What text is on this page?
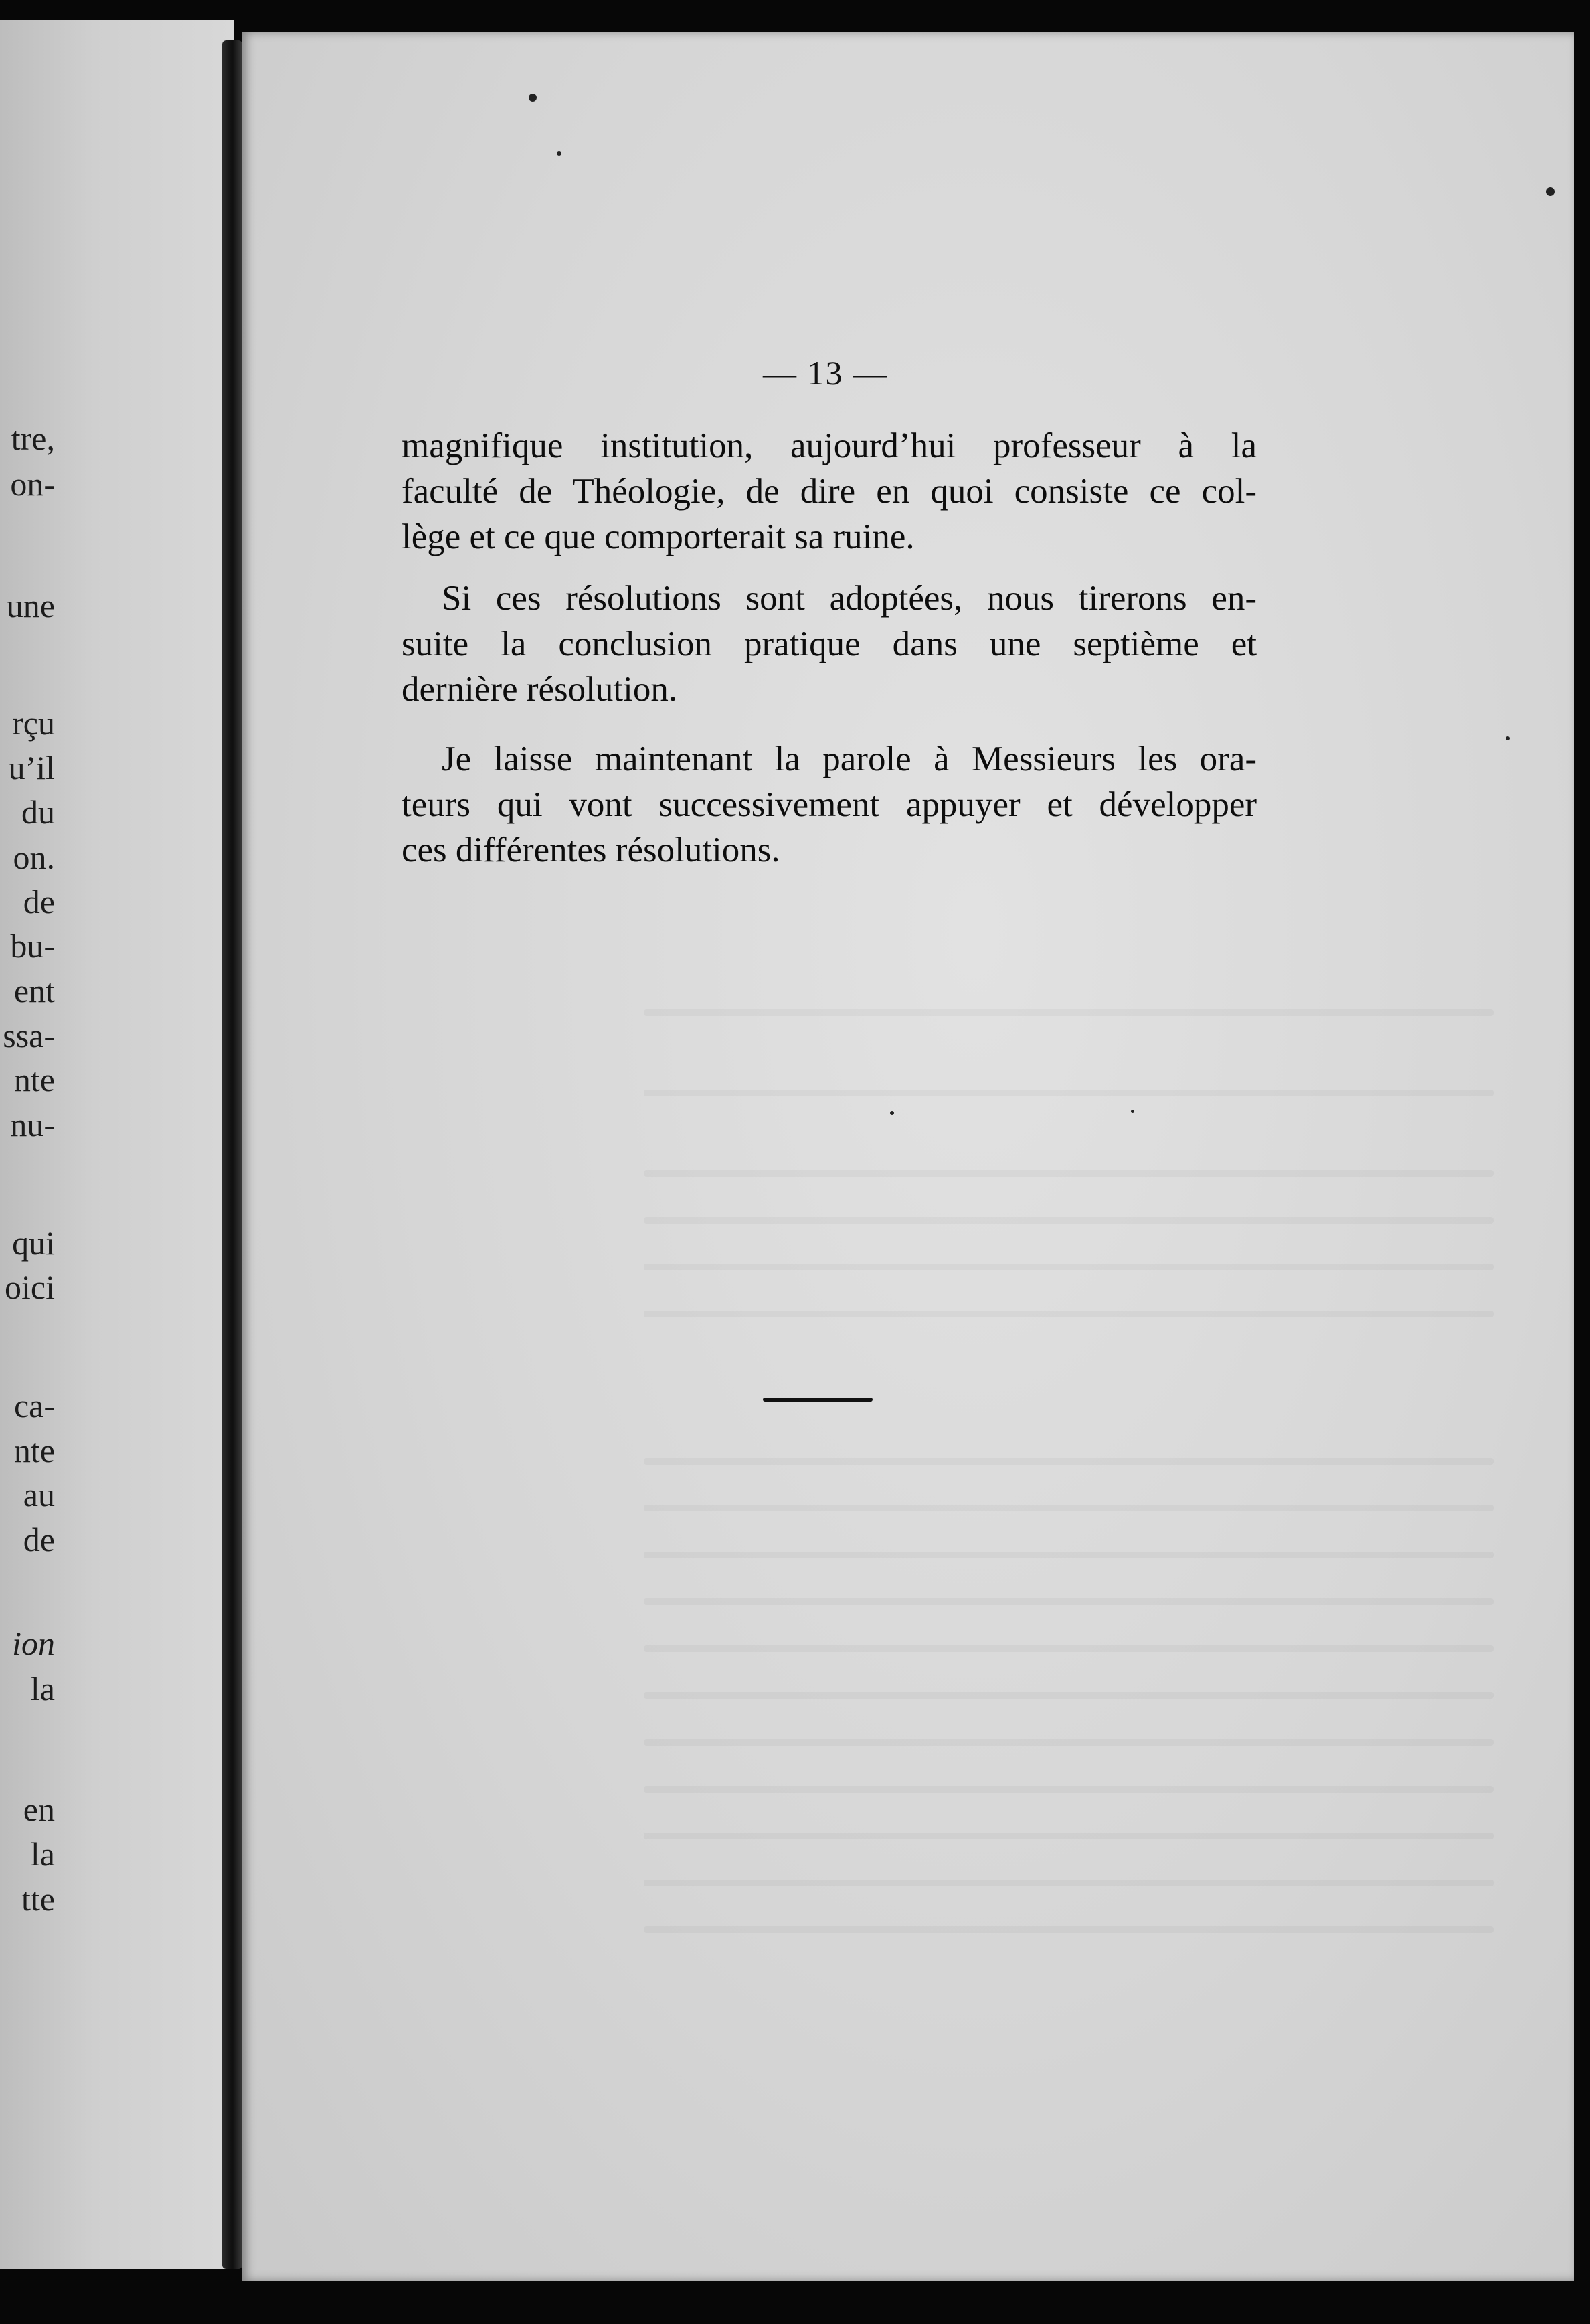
tre,
on-
une
rçu
u’il
du
on.
de
bu-
ent
ssa-
nte
nu-
qui
oici
ca-
nte
au
de
ion
la
en
la
tte
— 13 —
magnifique institution, aujourd’hui professeur à la
faculté de Théologie, de dire en quoi consiste ce col-
lège et ce que comporterait sa ruine.
Si ces résolutions sont adoptées, nous tirerons en-
suite la conclusion pratique dans une septième et
dernière résolution.
Je laisse maintenant la parole à Messieurs les ora-
teurs qui vont successivement appuyer et développer
ces différentes résolutions.
